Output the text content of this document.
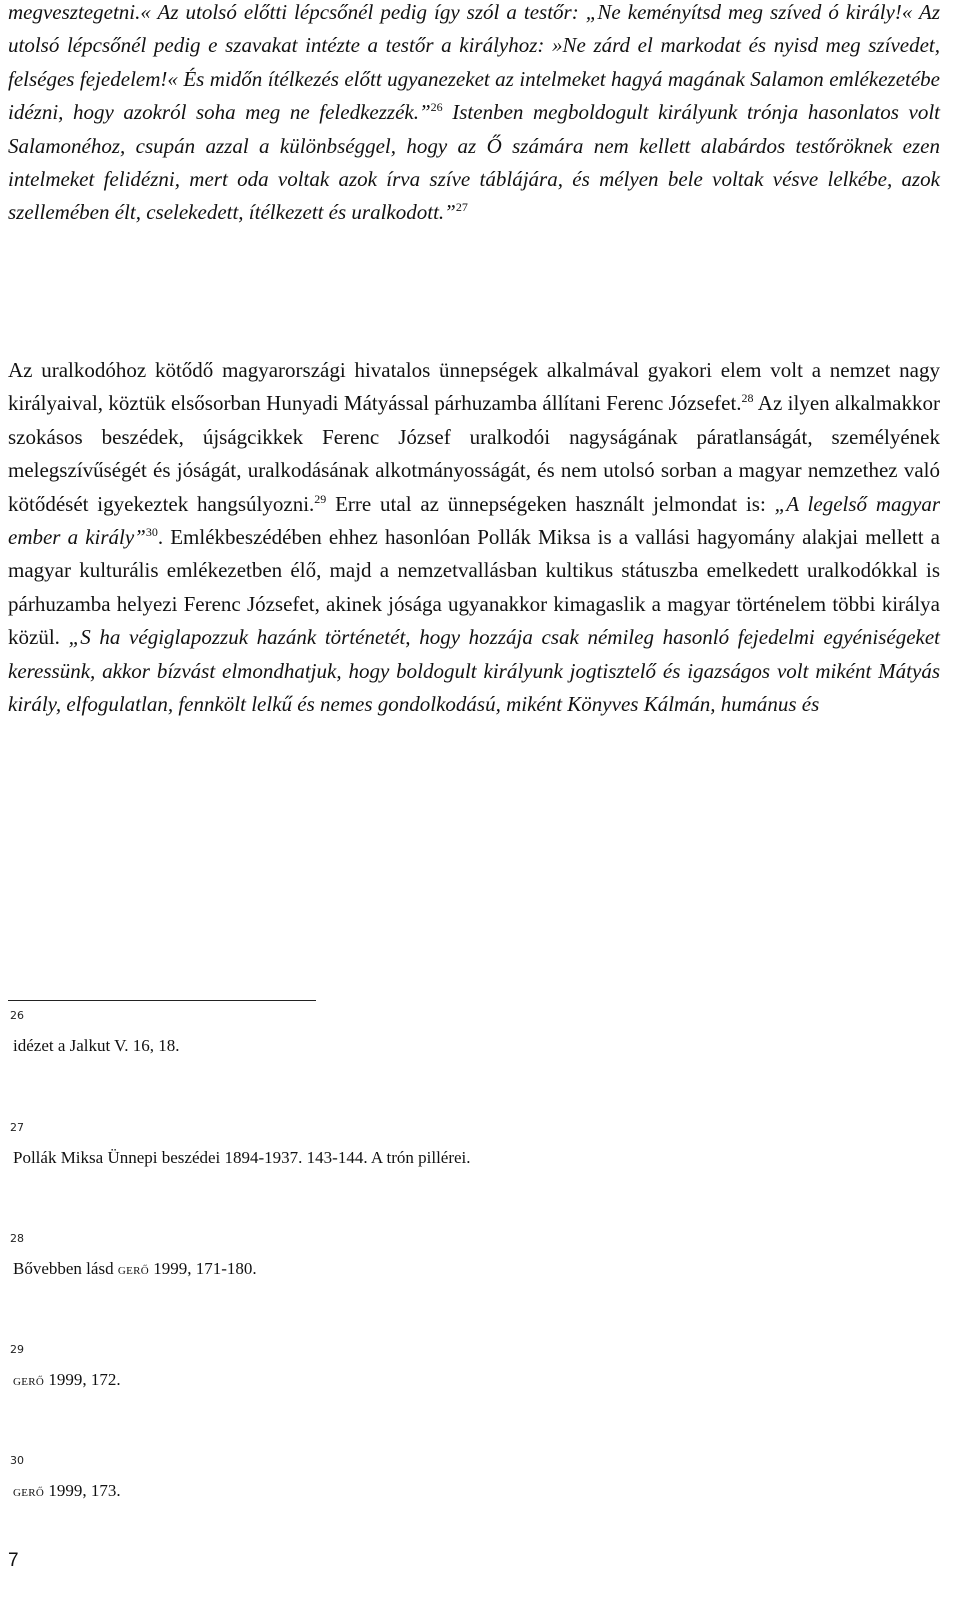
megvesztegetni.« Az utolsó előtti lépcsőnél pedig így szól a testőr: „Ne keményítsd meg szíved ó király!« Az utolsó lépcsőnél pedig e szavakat intézte a testőr a királyhoz: »Ne zárd el markodat és nyisd meg szívedet, felséges fejedelem!« És midőn ítélkezés előtt ugyanezeket az intelmeket hagyá magának Salamon emlékezetébe idézni, hogy azokról soha meg ne feledkezzék.”$^{26}$ Istenben megboldogult királyunk trónja hasonlatos volt Salamonéhoz, csupán azzal a különbséggel, hogy az Ő számára nem kellett alabárdos testőröknek ezen intelmeket felidézni, mert oda voltak azok írva szíve táblájára, és mélyen bele voltak vésve lelkébe, azok szellemében élt, cselekedett, ítélkezett és uralkodott.”$^{27}$

Az uralkodóhoz kötődő magyarországi hivatalos ünnepségek alkalmával gyakori elem volt a nemzet nagy királyaival, köztük elsősorban Hunyadi Mátyással párhuzamba állítani Ferenc Józsefet.$^{28}$ Az ilyen alkalmakkor szokásos beszédek, újságcikkek Ferenc József uralkodói nagyságának páratlanságát, személyének melegszívűségét és jóságát, uralkodásának alkotmányosságát, és nem utolsó sorban a magyar nemzethez való kötődését igyekeztek hangsúlyozni.$^{29}$ Erre utal az ünnepségeken használt jelmondat is: „A legelső magyar ember a király”$^{30}$. Emlékbeszédében ehhez hasonlóan Pollák Miksa is a vallási hagyomány alakjai mellett a magyar kulturális emlékezetben élő, majd a nemzetvallásban kultikus státuszba emelkedett uralkodókkal is párhuzamba helyezi Ferenc Józsefet, akinek jósága ugyanakkor kimagaslik a magyar történelem többi királya közül. „S ha végiglapozzuk hazánk történetét, hogy hozzája csak némileg hasonló fejedelmi egyéniségeket keressünk, akkor bízvást elmondhatjuk, hogy boldogult királyunk jogtisztelő és igazságos volt miként Mátyás király, elfogulatlan, fennkölt lelkű és nemes gondolkodású, miként Könyves Kálmán, humánus és

26
idézet a Jalkut V. 16, 18.
27
Pollák Miksa Ünnepi beszédei 1894-1937. 143-144. A trón pillérei.
28
Bővebben lásd GERŐ 1999, 171-180.
29
GERŐ 1999, 172.
30
GERŐ 1999, 173.
7
